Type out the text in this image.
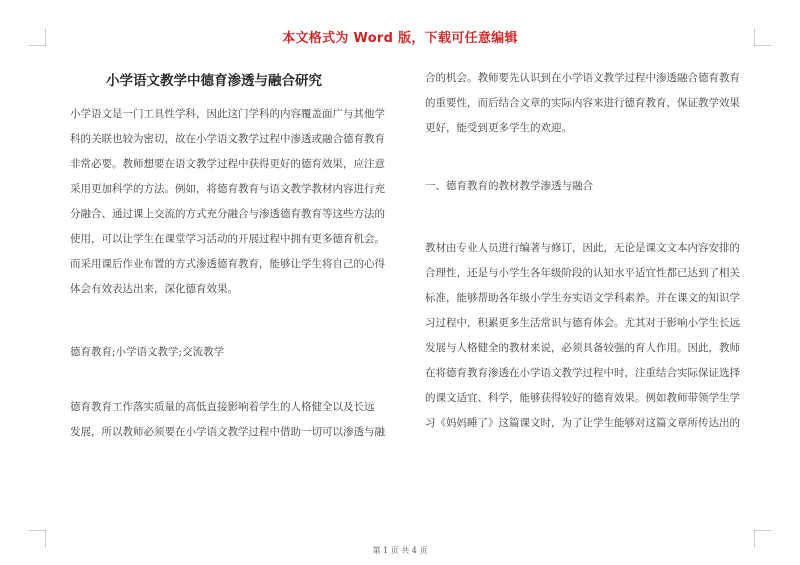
本文格式为 Word 版，下载可任意编辑
小学语文教学中德育渗透与融合研究
小学语文是一门工具性学科，因此这门学科的内容覆盖面广与其他学
科的关联也较为密切，故在小学语文教学过程中渗透或融合德育教育
非常必要。教师想要在语文教学过程中获得更好的德育效果，应注意
采用更加科学的方法。例如，将德育教育与语文教学教材内容进行充
分融合、通过课上交流的方式充分融合与渗透德育教育等这些方法的
使用，可以让学生在课堂学习活动的开展过程中拥有更多德育机会。
而采用课后作业布置的方式渗透德育教育，能够让学生将自己的心得
体会有效表达出来，深化德育效果。
德育教育;小学语文教学;交流教学
德育教育工作落实质量的高低直接影响着学生的人格健全以及长远
发展，所以教师必须要在小学语文教学过程中借助一切可以渗透与融
合的机会。教师要先认识到在小学语文教学过程中渗透融合德育教育
的重要性，而后结合文章的实际内容来进行德育教育，保证教学效果
更好，能受到更多学生的欢迎。
一、德育教育的教材教学渗透与融合
教材由专业人员进行编著与修订，因此，无论是课文文本内容安排的
合理性，还是与小学生各年级阶段的认知水平适宜性都已达到了相关
标准，能够帮助各年级小学生夯实语文学科素养。并在课文的知识学
习过程中，积累更多生活常识与德育体会。尤其对于影响小学生长远
发展与人格健全的教材来说，必须具备较强的育人作用。因此，教师
在将德育教育渗透在小学语文教学过程中时，注重结合实际保证选择
的课文适宜、科学，能够获得较好的德育效果。例如教师带领学生学
习《妈妈睡了》这篇课文时，为了让学生能够对这篇文章所传达出的
第 1 页 共 4 页
